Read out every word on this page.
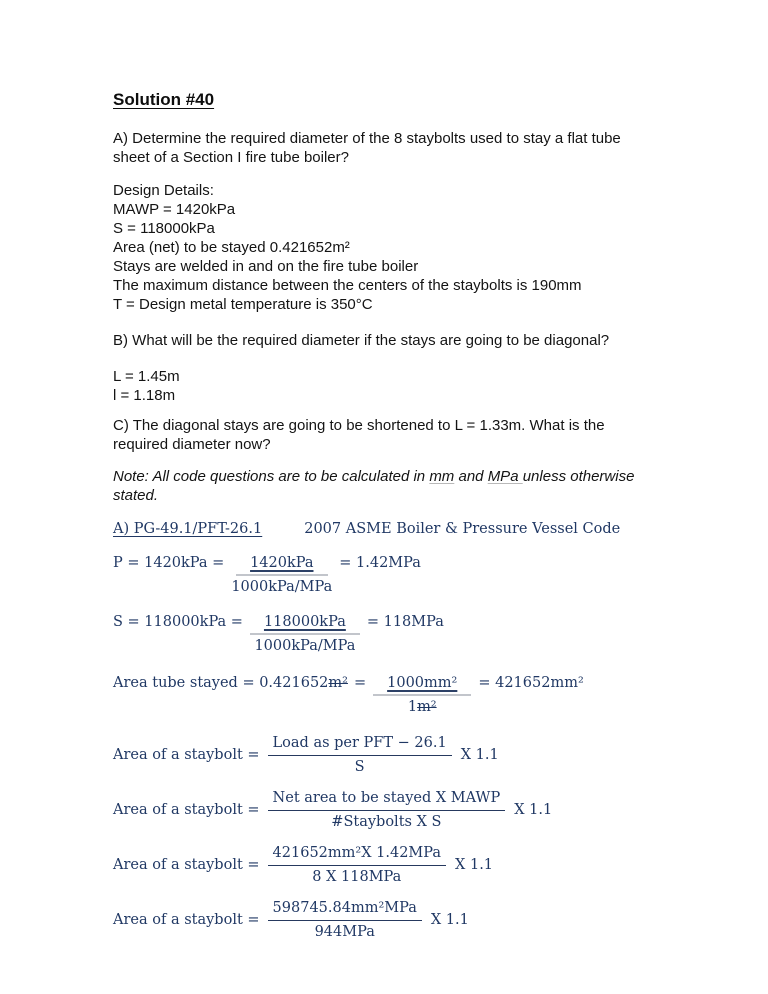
Solution #40
A) Determine the required diameter of the 8 staybolts used to stay a flat tube
sheet of a Section I fire tube boiler?
Design Details:
MAWP = 1420kPa
S = 118000kPa
Area (net) to be stayed 0.421652m²
Stays are welded in and on the fire tube boiler
The maximum distance between the centers of the staybolts is 190mm
T = Design metal temperature is 350°C
B) What will be the required diameter if the stays are going to be diagonal?
L = 1.45m
l = 1.18m
C) The diagonal stays are going to be shortened to L = 1.33m. What is the
required diameter now?
Note: All code questions are to be calculated in mm and MPa unless otherwise
stated.
A) PG-49.1/PFT-26.1	2007 ASME Boiler & Pressure Vessel Code
P = 1420kPa =	1420kPa
1000kPa/MPa
= 1.42MPa
S = 118000kPa =	118000kPa
1000kPa/MPa
= 118MPa
Area tube stayed = 0.421652 $m^2 = \frac{\text{1000mm²}}{\text{1m²}} = 421652mm^2$
Area of a staybolt =
Load as per PFT − 26.1
S
X 1.1
Area of a staybolt =
Net area to be stayed X MAWP
#Staybolts X S
X 1.1
Area of a staybolt =
421652mm²X 1.42MPa
8 X 118MPa
X 1.1
Area of a staybolt =
598745.84mm²MPa
944MPa
X 1.1
